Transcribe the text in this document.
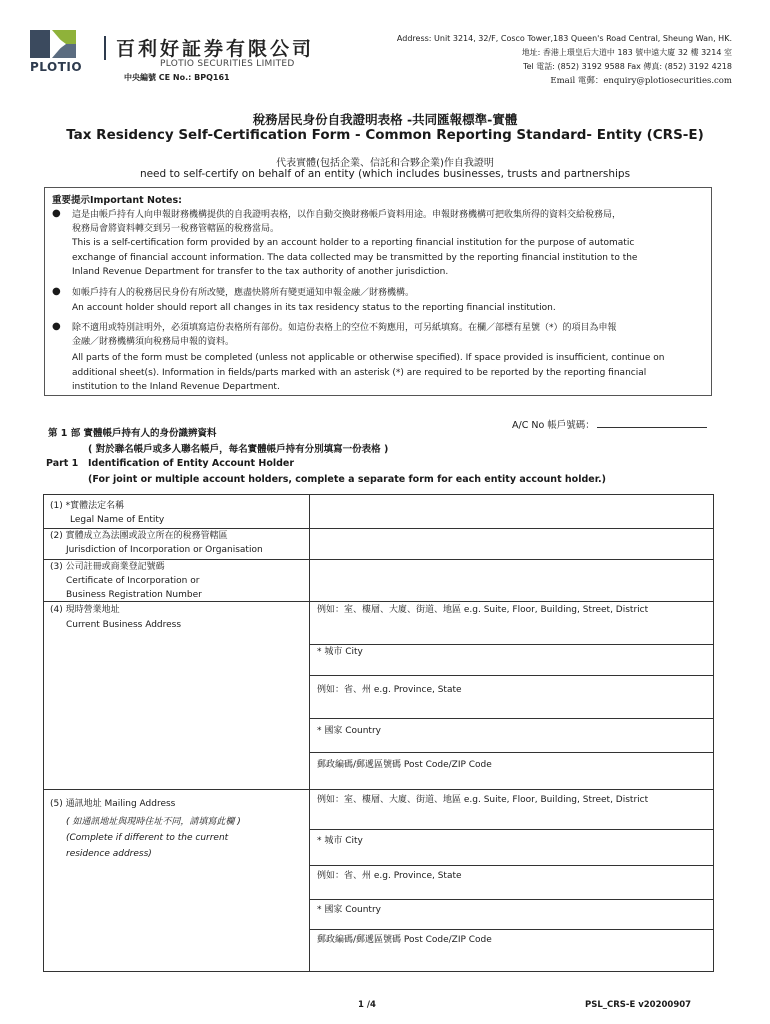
PLOTIO
百利好証券有限公司
PLOTIO SECURITIES LIMITED
中央編號 CE No.: BPQ161
Address: Unit 3214, 32/F, Cosco Tower,183 Queen's Road Central, Sheung Wan, HK.
地址: 香港上環皇后大道中 183 號中遠大廈 32 樓 3214 室
Tel 電話: (852) 3192 9588 Fax 傳真: (852) 3192 4218
Email 電郵：enquiry@plotiosecurities.com
稅務居民身份自我證明表格 -共同匯報標準-實體
Tax Residency Self-Certification Form - Common Reporting Standard- Entity (CRS-E)
代表實體(包括企業、信託和合夥企業)作自我證明
need to self-certify on behalf of an entity (which includes businesses, trusts and partnerships
重要提示Important Notes:
● 這是由帳戶持有人向申報財務機構提供的自我證明表格，以作自動交換財務帳戶資料用途。申報財務機構可把收集所得的資料交給稅務局，
稅務局會將資料轉交到另一稅務管轄區的稅務當局。
This is a self-certification form provided by an account holder to a reporting financial institution for the purpose of automatic
exchange of financial account information. The data collected may be transmitted by the reporting financial institution to the
Inland Revenue Department for transfer to the tax authority of another jurisdiction.
● 如帳戶持有人的稅務居民身份有所改變，應盡快將所有變更通知申報金融／財務機構。
An account holder should report all changes in its tax residency status to the reporting financial institution.
● 除不適用或特別註明外，必須填寫這份表格所有部份。如這份表格上的空位不夠應用，可另紙填寫。在欄／部標有星號（*）的項目為申報
金融／財務機構須向稅務局申報的資料。
All parts of the form must be completed (unless not applicable or otherwise specified). If space provided is insufficient, continue on
additional sheet(s). Information in fields/parts marked with an asterisk (*) are required to be reported by the reporting financial
institution to the Inland Revenue Department.
A/C No 帳戶號碼：
第 1 部 實體帳戶持有人的身份識辨資料
( 對於聯名帳戶或多人聯名帳戶，每名實體帳戶持有分別填寫一份表格 )
Part 1 Identification of Entity Account Holder
(For joint or multiple account holders, complete a separate form for each entity account holder.)
(1) *實體法定名稱
Legal Name of Entity
(2) 實體成立為法團或設立所在的稅務管轄區
Jurisdiction of Incorporation or Organisation
(3) 公司註冊或商業登記號碼
Certificate of Incorporation or
Business Registration Number
(4) 現時營業地址
Current Business Address
例如：室、樓層、大廈、街道、地區 e.g. Suite, Floor, Building, Street, District
* 城市 City
例如：省、州 e.g. Province, State
* 國家 Country
郵政編碼/郵遞區號碼 Post Code/ZIP Code
(5) 通訊地址 Mailing Address
( 如通訊地址與現時住址不同，請填寫此欄 )
(Complete if different to the current
residence address)
例如：室、樓層、大廈、街道、地區 e.g. Suite, Floor, Building, Street, District
* 城市 City
例如：省、州 e.g. Province, State
* 國家 Country
郵政編碼/郵遞區號碼 Post Code/ZIP Code
1 /4	PSL_CRS-E v20200907
